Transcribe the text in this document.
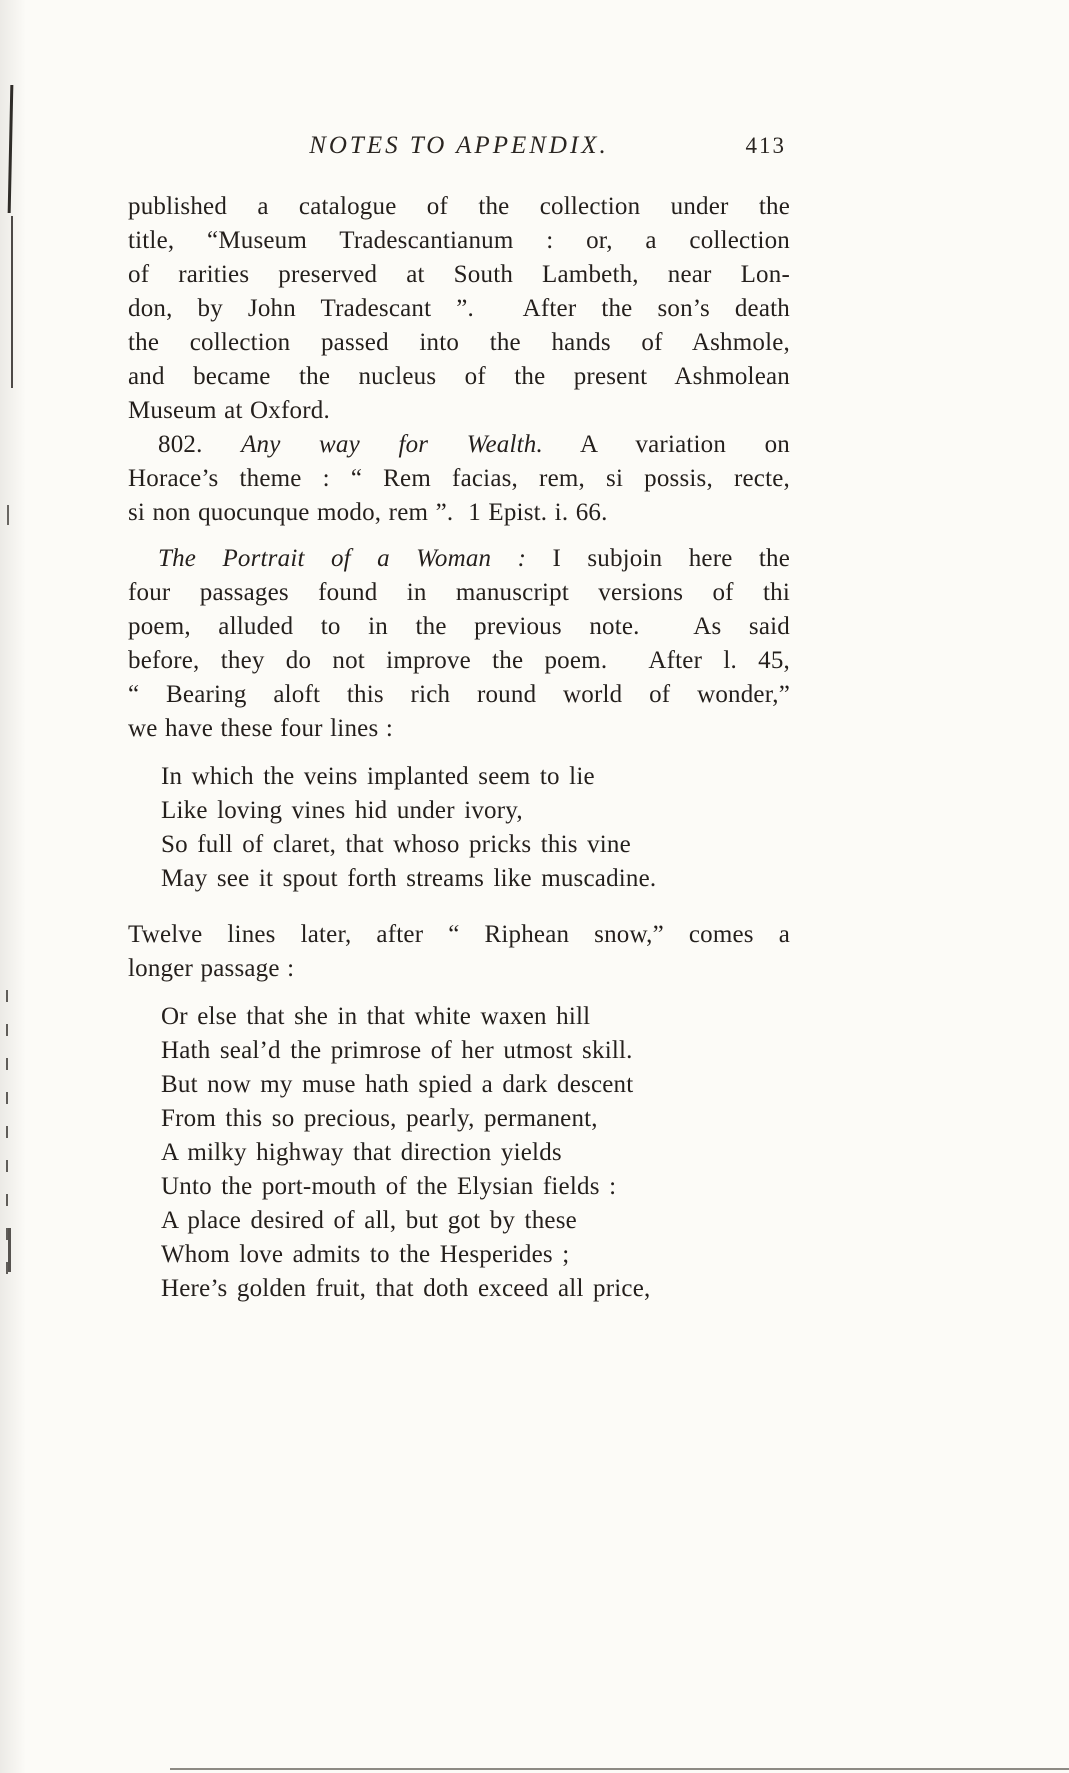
NOTES TO APPENDIX.	413
published a catalogue of the collection under the
title, “Museum Tradescantianum : or, a collection
of rarities preserved at South Lambeth, near Lon-
don, by John Tradescant ”.  After the son’s death
the collection passed into the hands of Ashmole,
and became the nucleus of the present Ashmolean
Museum at Oxford.
802. Any way for Wealth. A variation on
Horace’s theme : “ Rem facias, rem, si possis, recte,
si non quocunque modo, rem ”.  1 Epist. i. 66.
The Portrait of a Woman : I subjoin here the
four passages found in manuscript versions of thi
poem, alluded to in the previous note.  As said
before, they do not improve the poem.  After l. 45,
“ Bearing aloft this rich round world of wonder,”
we have these four lines :
In which the veins implanted seem to lie
Like loving vines hid under ivory,
So full of claret, that whoso pricks this vine
May see it spout forth streams like muscadine.
Twelve lines later, after “ Riphean snow,” comes a
longer passage :
Or else that she in that white waxen hill
Hath seal’d the primrose of her utmost skill.
But now my muse hath spied a dark descent
From this so precious, pearly, permanent,
A milky highway that direction yields
Unto the port-mouth of the Elysian fields :
A place desired of all, but got by these
Whom love admits to the Hesperides ;
Here’s golden fruit, that doth exceed all price,
